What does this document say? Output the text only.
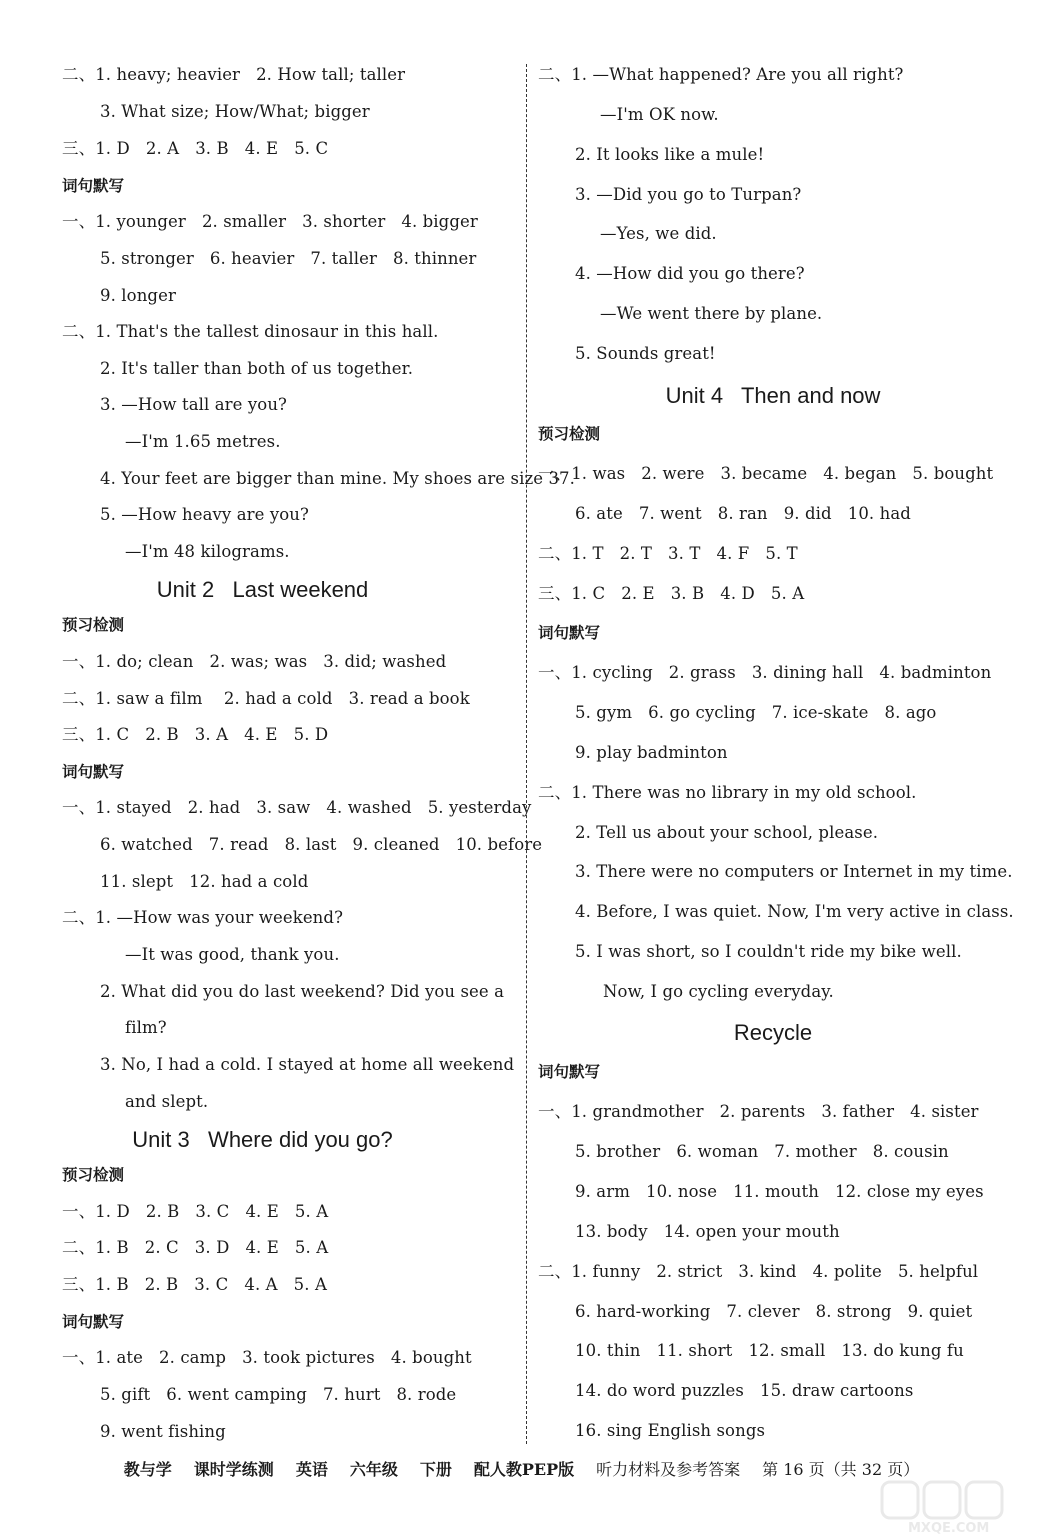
二、1. heavy; heavier   2. How tall; taller
3. What size; How/What; bigger
三、1. D   2. A   3. B   4. E   5. C
词句默写
一、1. younger   2. smaller   3. shorter   4. bigger
5. stronger   6. heavier   7. taller   8. thinner
9. longer
二、1. That's the tallest dinosaur in this hall.
2. It's taller than both of us together.
3. —How tall are you?
—I'm 1.65 metres.
4. Your feet are bigger than mine. My shoes are size 37.
5. —How heavy are you?
—I'm 48 kilograms.
Unit 2   Last weekend
预习检测
一、1. do; clean   2. was; was   3. did; washed
二、1. saw a film    2. had a cold   3. read a book
三、1. C   2. B   3. A   4. E   5. D
词句默写
一、1. stayed   2. had   3. saw   4. washed   5. yesterday
6. watched   7. read   8. last   9. cleaned   10. before
11. slept   12. had a cold
二、1. —How was your weekend?
—It was good, thank you.
2. What did you do last weekend? Did you see a
film?
3. No, I had a cold. I stayed at home all weekend
and slept.
Unit 3   Where did you go?
预习检测
一、1. D   2. B   3. C   4. E   5. A
二、1. B   2. C   3. D   4. E   5. A
三、1. B   2. B   3. C   4. A   5. A
词句默写
一、1. ate   2. camp   3. took pictures   4. bought
5. gift   6. went camping   7. hurt   8. rode
9. went fishing
二、1. —What happened? Are you all right?
—I'm OK now.
2. It looks like a mule!
3. —Did you go to Turpan?
—Yes, we did.
4. —How did you go there?
—We went there by plane.
5. Sounds great!
Unit 4   Then and now
预习检测
一、1. was   2. were   3. became   4. began   5. bought
6. ate   7. went   8. ran   9. did   10. had
二、1. T   2. T   3. T   4. F   5. T
三、1. C   2. E   3. B   4. D   5. A
词句默写
一、1. cycling   2. grass   3. dining hall   4. badminton
5. gym   6. go cycling   7. ice-skate   8. ago
9. play badminton
二、1. There was no library in my old school.
2. Tell us about your school, please.
3. There were no computers or Internet in my time.
4. Before, I was quiet. Now, I'm very active in class.
5. I was short, so I couldn't ride my bike well.
Now, I go cycling everyday.
Recycle
词句默写
一、1. grandmother   2. parents   3. father   4. sister
5. brother   6. woman   7. mother   8. cousin
9. arm   10. nose   11. mouth   12. close my eyes
13. body   14. open your mouth
二、1. funny   2. strict   3. kind   4. polite   5. helpful
6. hard-working   7. clever   8. strong   9. quiet
10. thin   11. short   12. small   13. do kung fu
14. do word puzzles   15. draw cartoons
16. sing English songs
教与学 课时学练测 英语 六年级 下册 配人教PEP版 听力材料及参考答案 第 16 页（共 32 页）
MXQE.COM
